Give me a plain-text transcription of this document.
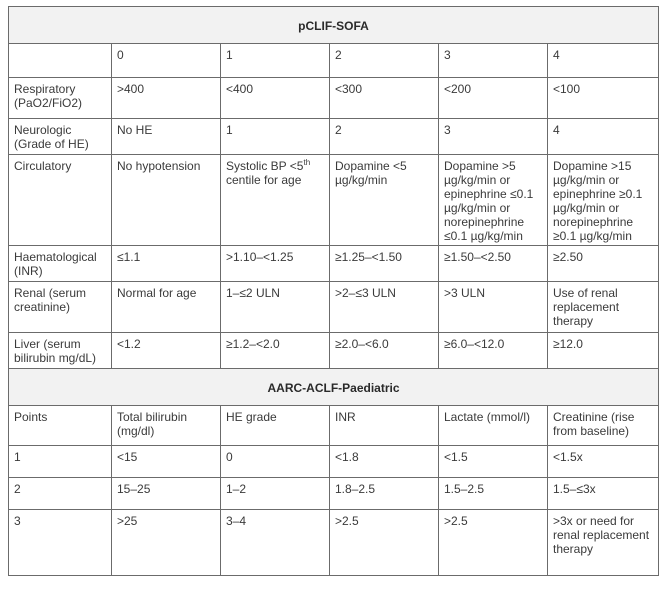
pCLIF-SOFA					
	0	1	2	3	4
Respiratory (PaO2/FiO2)	>400	<400	<300	<200	<100
Neurologic (Grade of HE)	No HE	1	2	3	4
Circulatory	No hypotension	Systolic BP <5th centile for age	Dopamine <5 µg/kg/min	Dopamine >5 µg/kg/min or epinephrine ≤0.1 µg/kg/min or norepinephrine ≤0.1 µg/kg/min	Dopamine >15 µg/kg/min or epinephrine ≥0.1 µg/kg/min or norepinephrine ≥0.1 µg/kg/min
Haematological (INR)	≤1.1	>1.10–<1.25	≥1.25–<1.50	≥1.50–<2.50	≥2.50
Renal (serum creatinine)	Normal for age	1–≤2 ULN	>2–≤3 ULN	>3 ULN	Use of renal replacement therapy
Liver (serum bilirubin mg/dL)	<1.2	≥1.2–<2.0	≥2.0–<6.0	≥6.0–<12.0	≥12.0
AARC-ACLF-Paediatric					
Points	Total bilirubin (mg/dl)	HE grade	INR	Lactate (mmol/l)	Creatinine (rise from baseline)
1	<15	0	<1.8	<1.5	<1.5x
2	15–25	1–2	1.8–2.5	1.5–2.5	1.5–≤3x
3	>25	3–4	>2.5	>2.5	>3x or need for renal replacement therapy
